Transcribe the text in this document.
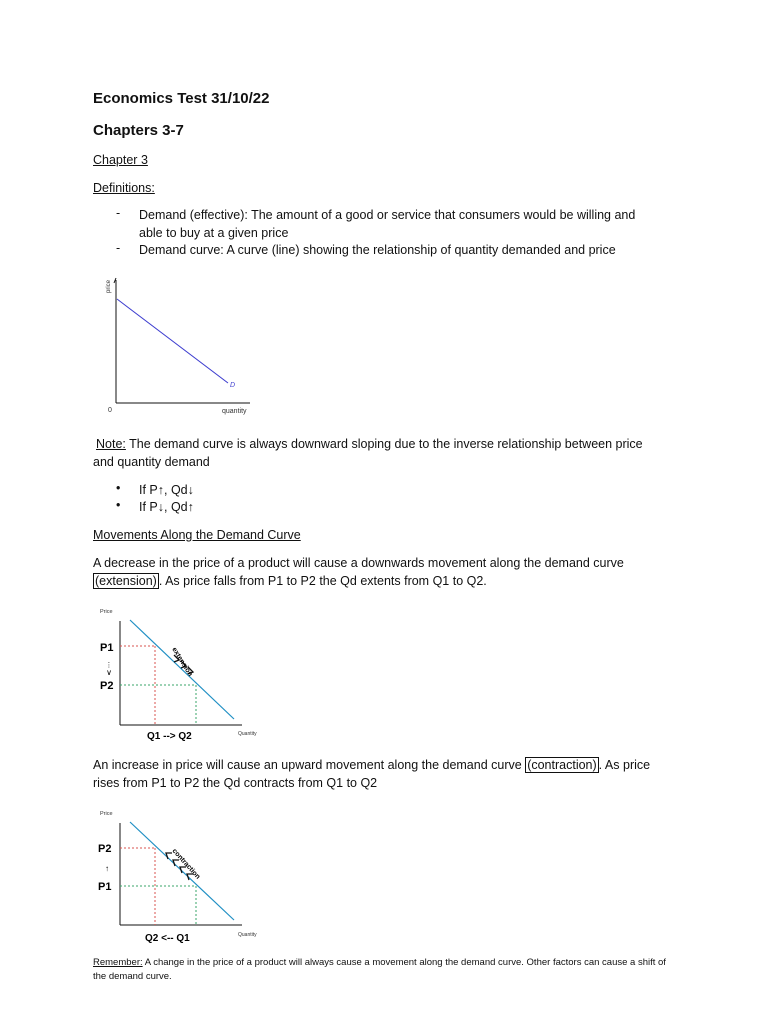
Economics Test 31/10/22
Chapters 3-7
Chapter 3
Definitions:
- Demand (effective): The amount of a good or service that consumers would be willing and
able to buy at a given price
- Demand curve: A curve (line) showing the relationship of quantity demanded and price
price
0	quantity
D
Note: The demand curve is always downward sloping due to the inverse relationship between price
and quantity demand
• If P↑, Qd↓
• If P↓, Qd↑
Movements Along the Demand Curve
A decrease in the price of a product will cause a downwards movement along the demand curve
(extension) . As price falls from P1 to P2 the Qd extents from Q1 to Q2.
Price
P1
⋮
∨
P2
Q1 --> Q2	Quantity
extension
An increase in price will cause an upward movement along the demand curve (contraction) . As price
rises from P1 to P2 the Qd contracts from Q1 to Q2
Price
P2
↑
P1
Q2 <-- Q1	Quantity
contraction
Remember: A change in the price of a product will always cause a movement along the demand curve. Other factors can cause a shift of
the demand curve.
